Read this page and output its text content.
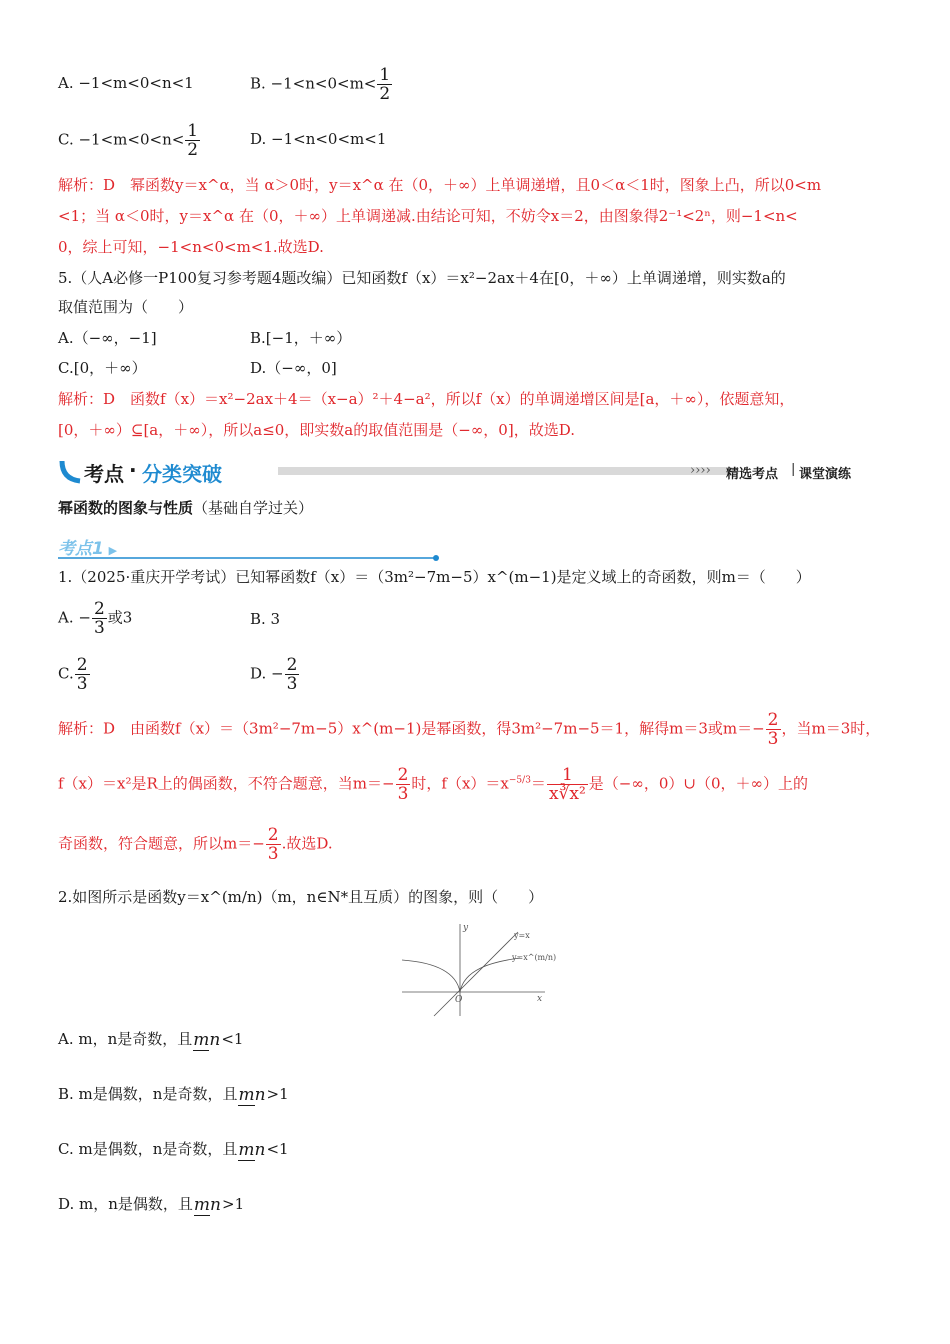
A. −1<m<0<n<1	B. $-1<n<0<m< \frac{1}{2}$
C. $-1<m<0<n< \frac{1}{2}$	D. −1<n<0<m<1
解析：D　幂函数y＝x^α，当 α＞0时，y＝x^α 在（0，＋∞）上单调递增，且0＜α＜1时，图象上凸，所以0<m
<1；当 α＜0时，y＝x^α 在（0，＋∞）上单调递减.由结论可知，不妨令x＝2，由图象得2⁻¹<2ⁿ，则−1<n<
0，综上可知，−1<n<0<m<1.故选D.
5.（人A必修一P100复习参考题4题改编）已知函数f（x）＝x²−2ax＋4在[0，＋∞）上单调递增，则实数a的
取值范围为（　　）
A.（−∞，−1]	B.[−1，＋∞）
C.[0，＋∞）	D.（−∞，0]
解析：D　函数f（x）＝x²−2ax＋4＝（x−a）²＋4−a²，所以f（x）的单调递增区间是[a，＋∞），依题意知，
[0，＋∞）⊆[a，＋∞），所以a≤0，即实数a的取值范围是（−∞，0]，故选D.
考点 · 分类突破	›››› 精选考点 | 课堂演练
幂函数的图象与性质（基础自学过关）
考点1 ▶
1.（2025·重庆开学考试）已知幂函数f（x）＝（3m²−7m−5）x^(m−1)是定义域上的奇函数，则m＝（　　）
A. − $\frac{2}{3}$ 或3	B. 3
C. $\frac{2}{3}$	D. − $\frac{2}{3}$
解析：D　由函数f（x）＝（3m²−7m−5）x^(m−1)是幂函数，得3m²−7m−5＝1，解得m＝3或$m=- \frac{2}{3}$ ，当m＝3时，
f（x）＝x²是R上的偶函数，不符合题意，当$m=- \frac{2}{3}$ 时，$f(x)=x^{-5/3}= \frac{1}{\text{x∛x²}}$ 是（−∞，0）∪（0，＋∞）上的
奇函数，符合题意，所以$m=- \frac{2}{3}$ .故选D.
2.如图所示是函数y＝x^(m/n)（m，n∈N*且互质）的图象，则（　　）
y
x
O
y=x
y=x^(m/n)
A. m，n是奇数，且mn<1
B. m是偶数，n是奇数，且mn>1
C. m是偶数，n是奇数，且mn<1
D. m，n是偶数，且mn>1
